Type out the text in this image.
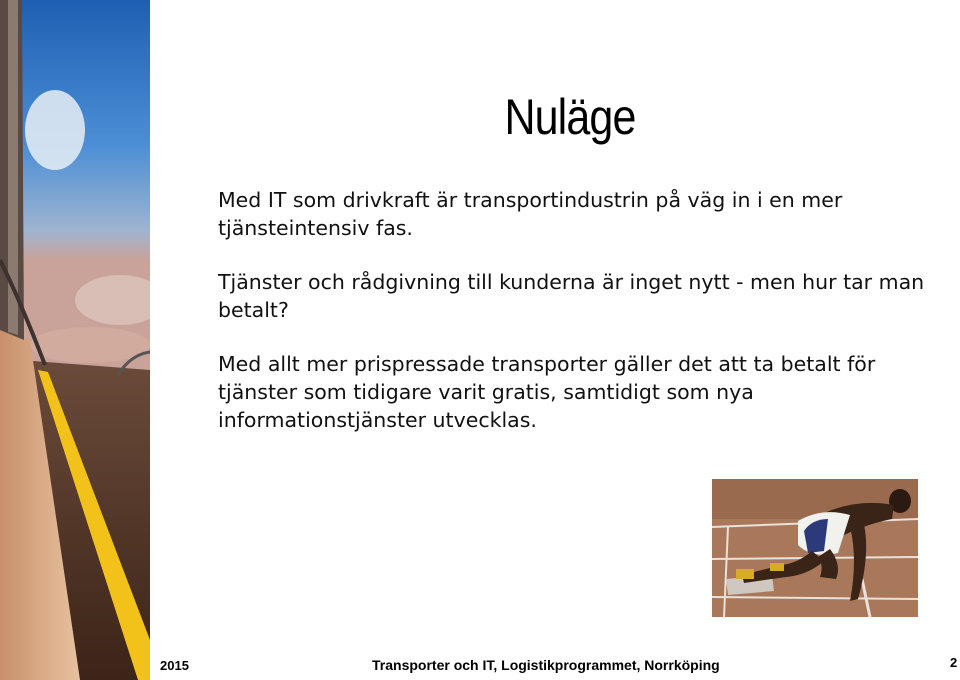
Nuläge

Med IT som drivkraft är transportindustrin på väg in i en mer tjänsteintensiv fas.

Tjänster och rådgivning till kunderna är inget nytt - men hur tar man betalt?

Med allt mer prispressade transporter gäller det att ta betalt för tjänster som tidigare varit gratis, samtidigt som nya informationstjänster utvecklas.

2015	Transporter och IT, Logistikprogrammet, Norrköping	2
